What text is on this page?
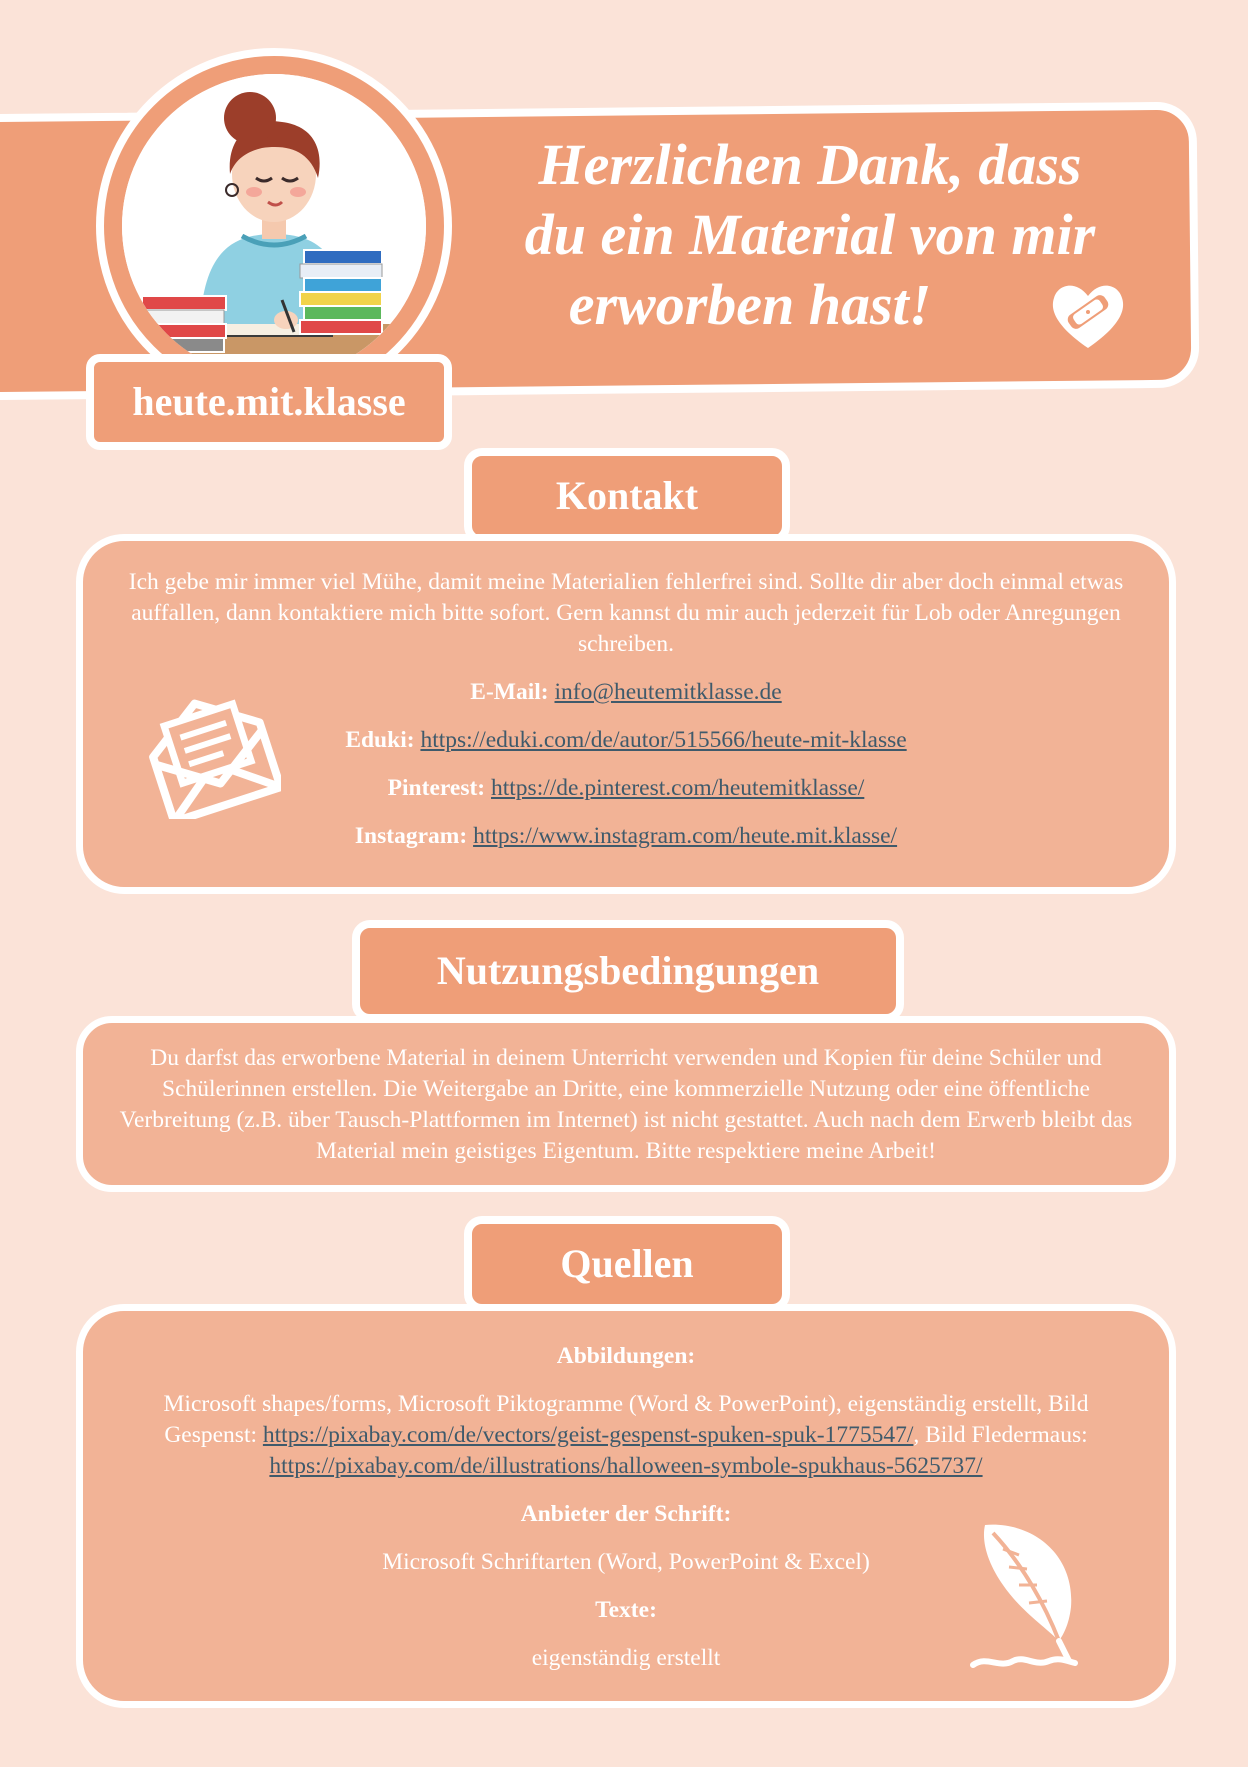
Herzlichen Dank, dass
du ein Material von mir
erworben hast!
heute.mit.klasse
Kontakt
Ich gebe mir immer viel Mühe, damit meine Materialien fehlerfrei sind. Sollte dir aber doch einmal etwas auffallen, dann kontaktiere mich bitte sofort. Gern kannst du mir auch jederzeit für Lob oder Anregungen schreiben.
E-Mail: info@heutemitklasse.de
Eduki: https://eduki.com/de/autor/515566/heute-mit-klasse
Pinterest: https://de.pinterest.com/heutemitklasse/
Instagram: https://www.instagram.com/heute.mit.klasse/
Nutzungsbedingungen
Du darfst das erworbene Material in deinem Unterricht verwenden und Kopien für deine Schüler und Schülerinnen erstellen. Die Weitergabe an Dritte, eine kommerzielle Nutzung oder eine öffentliche Verbreitung (z.B. über Tausch-Plattformen im Internet) ist nicht gestattet. Auch nach dem Erwerb bleibt das Material mein geistiges Eigentum. Bitte respektiere meine Arbeit!
Quellen
Abbildungen:
Microsoft shapes/forms, Microsoft Piktogramme (Word & PowerPoint), eigenständig erstellt, Bild Gespenst: https://pixabay.com/de/vectors/geist-gespenst-spuken-spuk-1775547/, Bild Fledermaus: https://pixabay.com/de/illustrations/halloween-symbole-spukhaus-5625737/
Anbieter der Schrift:
Microsoft Schriftarten (Word, PowerPoint & Excel)
Texte:
eigenständig erstellt
